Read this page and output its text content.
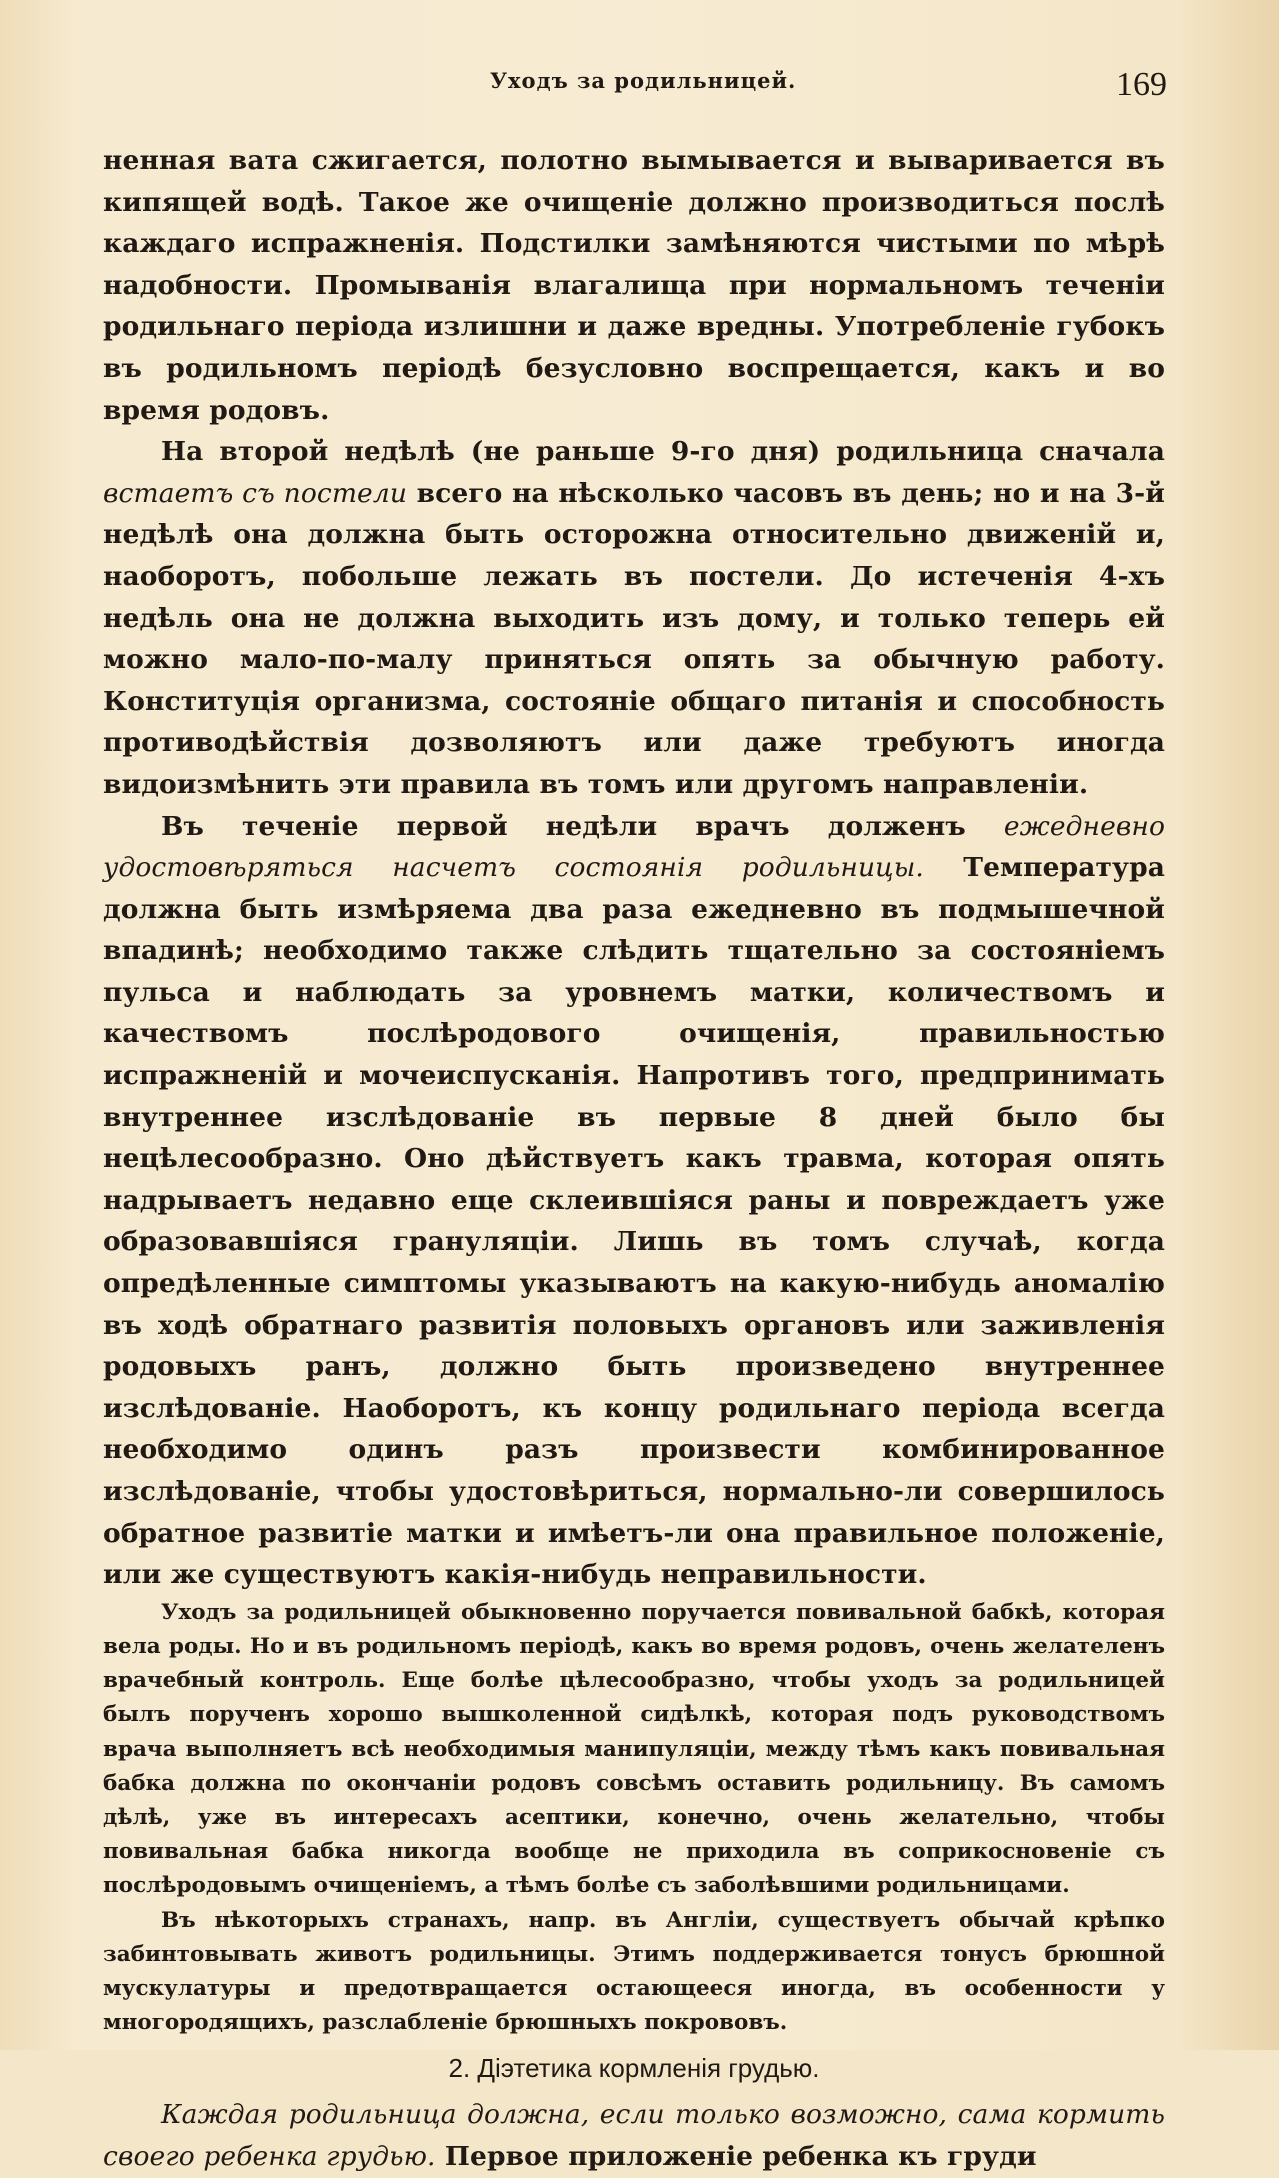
Уходъ за родильницей.	169

ненная вата сжигается, полотно вымывается и вываривается въ кипящей водѣ. Такое же очищеніе должно производиться послѣ каждаго испражненія. Подстилки замѣняются чистыми по мѣрѣ надобности. Промыванія влагалища при нормальномъ теченіи родильнаго періода излишни и даже вредны. Употребленіе губокъ въ родильномъ періодѣ безусловно воспрещается, какъ и во время родовъ.

На второй недѣлѣ (не раньше 9-го дня) родильница сначала встаетъ съ постели всего на нѣсколько часовъ въ день; но и на 3-й недѣлѣ она должна быть осторожна относительно движеній и, наоборотъ, побольше лежать въ постели. До истеченія 4-хъ недѣль она не должна выходить изъ дому, и только теперь ей можно мало-по-малу приняться опять за обычную работу. Конституція организма, состояніе общаго питанія и способность противодѣйствія дозволяютъ или даже требуютъ иногда видоизмѣнить эти правила въ томъ или другомъ направленіи.

Въ теченіе первой недѣли врачъ долженъ ежедневно удостовѣряться насчетъ состоянія родильницы. Температура должна быть измѣряема два раза ежедневно въ подмышечной впадинѣ; необходимо также слѣдить тщательно за состояніемъ пульса и наблюдать за уровнемъ матки, количествомъ и качествомъ послѣродового очищенія, правильностью испражненій и мочеиспусканія. Напротивъ того, предпринимать внутреннее изслѣдованіе въ первые 8 дней было бы нецѣлесообразно. Оно дѣйствуетъ какъ травма, которая опять надрываетъ недавно еще склеившіяся раны и повреждаетъ уже образовавшіяся грануляціи. Лишь въ томъ случаѣ, когда опредѣленные симптомы указываютъ на какую-нибудь аномалію въ ходѣ обратнаго развитія половыхъ органовъ или заживленія родовыхъ ранъ, должно быть произведено внутреннее изслѣдованіе. Наоборотъ, къ концу родильнаго періода всегда необходимо одинъ разъ произвести комбинированное изслѣдованіе, чтобы удостовѣриться, нормально-ли совершилось обратное развитіе матки и имѣетъ-ли она правильное положеніе, или же существуютъ какія-нибудь неправильности.

Уходъ за родильницей обыкновенно поручается повивальной бабкѣ, которая вела роды. Но и въ родильномъ періодѣ, какъ во время родовъ, очень желателенъ врачебный контроль. Еще болѣе цѣлесообразно, чтобы уходъ за родильницей былъ порученъ хорошо вышколенной сидѣлкѣ, которая подъ руководствомъ врача выполняетъ всѣ необходимыя манипуляціи, между тѣмъ какъ повивальная бабка должна по окончаніи родовъ совсѣмъ оставить родильницу. Въ самомъ дѣлѣ, уже въ интересахъ асептики, конечно, очень желательно, чтобы повивальная бабка никогда вообще не приходила въ соприкосновеніе съ послѣродовымъ очищеніемъ, а тѣмъ болѣе съ заболѣвшими родильницами.

Въ нѣкоторыхъ странахъ, напр. въ Англіи, существуетъ обычай крѣпко забинтовывать животъ родильницы. Этимъ поддерживается тонусъ брюшной мускулатуры и предотвращается остающееся иногда, въ особенности у многородящихъ, разслабленіе брюшныхъ покрововъ.

2. Діэтетика кормленія грудью.

Каждая родильница должна, если только возможно, сама кормить своего ребенка грудью. Первое приложеніе ребенка къ груди
